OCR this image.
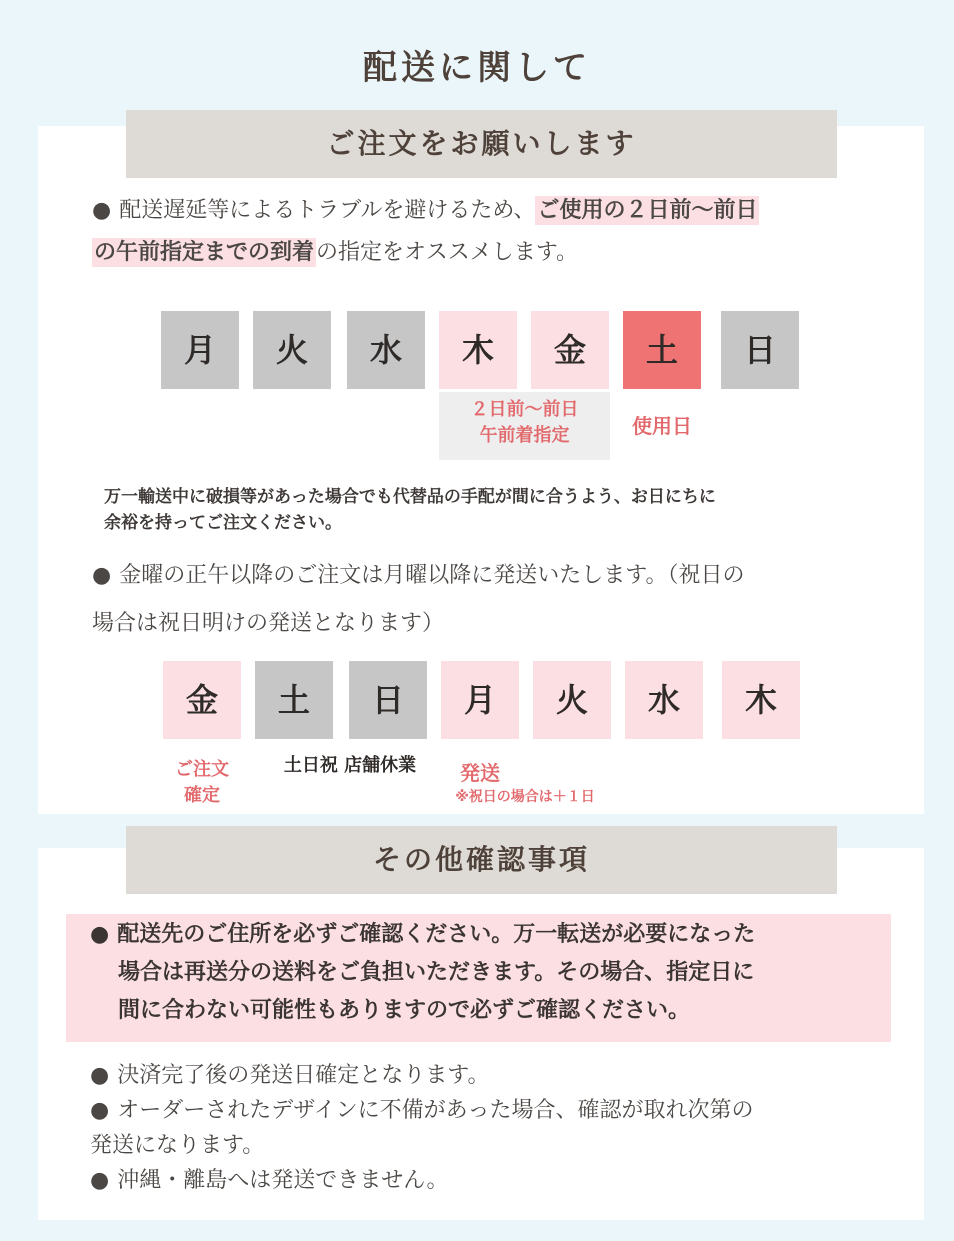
配送に関して
ご注文をお願いします
● 配送遅延等によるトラブルを避けるため、ご使用の２日前〜前日
の午前指定までの到着の指定をオススメします。
月	火	水	木	金	土	日
２日前〜前日
午前着指定	使用日
万一輸送中に破損等があった場合でも代替品の手配が間に合うよう、お日にちに
余裕を持ってご注文ください。
● 金曜の正午以降のご注文は月曜以降に発送いたします。（祝日の
場合は祝日明けの発送となります）
金	土	日	月	火	水	木
ご注文
確定
土日祝 店舗休業	発送
※祝日の場合は＋１日
その他確認事項
● 配送先のご住所を必ずご確認ください。万一転送が必要になった

場合は再送分の送料をご負担いただきます。その場合、指定日に
間に合わない可能性もありますので必ずご確認ください。
● 決済完了後の発送日確定となります。
● オーダーされたデザインに不備があった場合、確認が取れ次第の
発送になります。
● 沖縄・離島へは発送できません。
